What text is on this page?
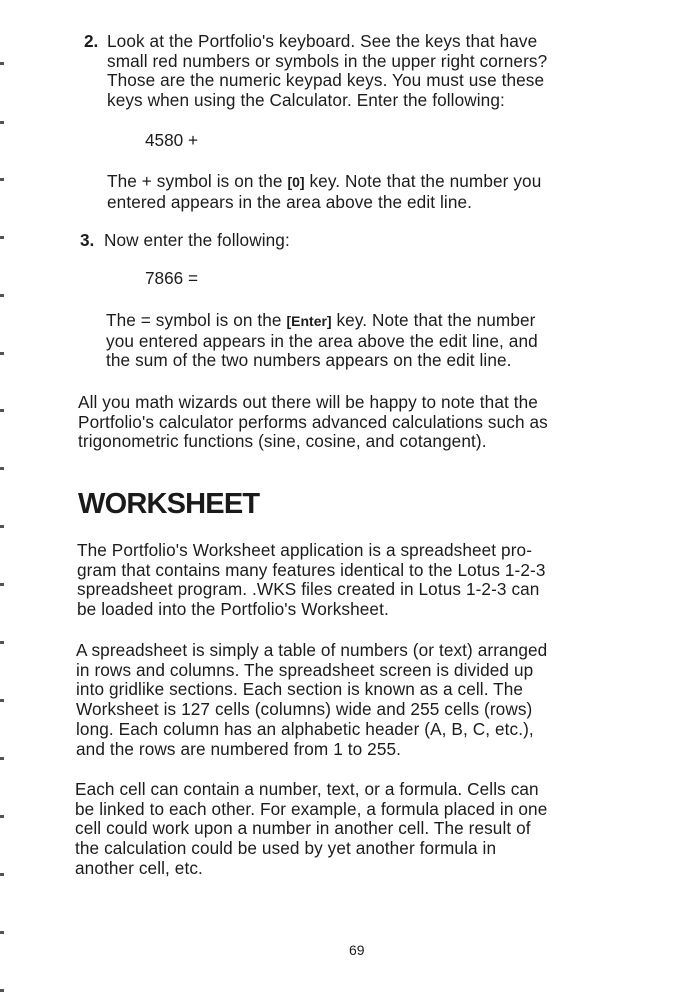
2. Look at the Portfolio's keyboard. See the keys that have

small red numbers or symbols in the upper right corners?

Those are the numeric keypad keys. You must use these

keys when using the Calculator. Enter the following:

4580 +

The + symbol is on the [0] key. Note that the number you

entered appears in the area above the edit line.

3. Now enter the following:

7866 =

The = symbol is on the [Enter] key. Note that the number

you entered appears in the area above the edit line, and

the sum of the two numbers appears on the edit line.

All you math wizards out there will be happy to note that the

Portfolio's calculator performs advanced calculations such as

trigonometric functions (sine, cosine, and cotangent).

WORKSHEET

The Portfolio's Worksheet application is a spreadsheet pro-

gram that contains many features identical to the Lotus 1-2-3

spreadsheet program. .WKS files created in Lotus 1-2-3 can

be loaded into the Portfolio's Worksheet.

A spreadsheet is simply a table of numbers (or text) arranged

in rows and columns. The spreadsheet screen is divided up

into gridlike sections. Each section is known as a cell. The

Worksheet is 127 cells (columns) wide and 255 cells (rows)

long. Each column has an alphabetic header (A, B, C, etc.),

and the rows are numbered from 1 to 255.

Each cell can contain a number, text, or a formula. Cells can

be linked to each other. For example, a formula placed in one

cell could work upon a number in another cell. The result of

the calculation could be used by yet another formula in

another cell, etc.

69
